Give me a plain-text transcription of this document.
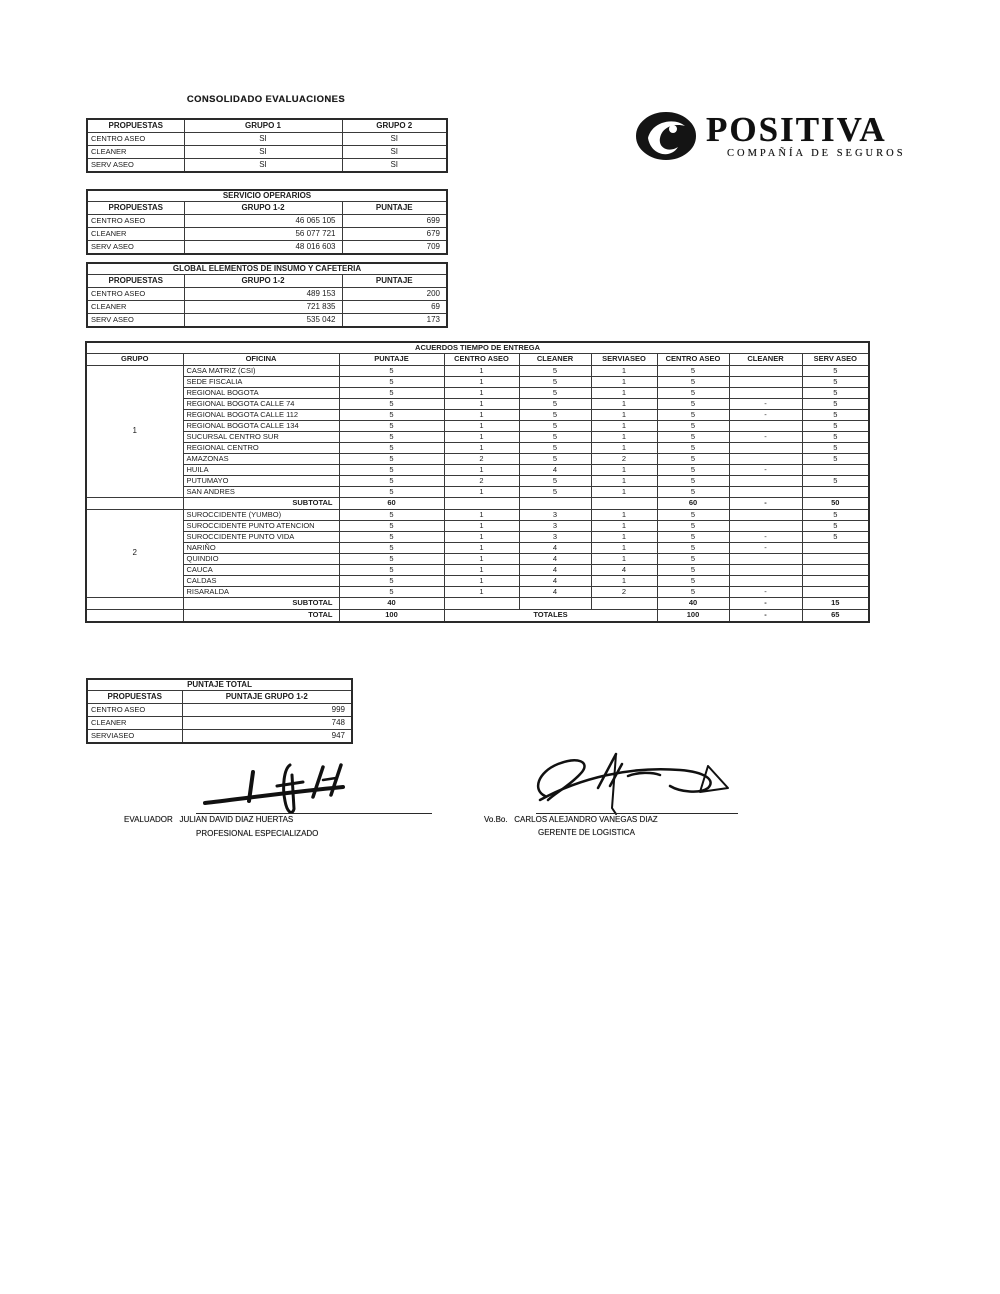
CONSOLIDADO EVALUACIONES
POSITIVA
COMPAÑÍA DE SEGUROS
PROPUESTAS	GRUPO 1	GRUPO 2
CENTRO ASEO	SI	SI
CLEANER	SI	SI
SERV ASEO	SI	SI
SERVICIO OPERARIOS		
PROPUESTAS	GRUPO 1-2	PUNTAJE
CENTRO ASEO	46 065 105	699
CLEANER	56 077 721	679
SERV ASEO	48 016 603	709
GLOBAL ELEMENTOS DE INSUMO Y CAFETERIA		
PROPUESTAS	GRUPO 1-2	PUNTAJE
CENTRO ASEO	489 153	200
CLEANER	721 835	69
SERV ASEO	535 042	173
ACUERDOS TIEMPO DE ENTREGA								
GRUPO	OFICINA	PUNTAJE	CENTRO ASEO	CLEANER	SERVIASEO	CENTRO ASEO	CLEANER	SERV ASEO
1	CASA MATRIZ (CSI)	5	1	5	1	5		5
	SEDE FISCALIA	5	1	5	1	5		5
	REGIONAL BOGOTA	5	1	5	1	5		5
	REGIONAL BOGOTA CALLE 74	5	1	5	1	5	-	5
	REGIONAL BOGOTA CALLE 112	5	1	5	1	5	-	5
	REGIONAL BOGOTA CALLE 134	5	1	5	1	5		5
	SUCURSAL CENTRO SUR	5	1	5	1	5	-	5
	REGIONAL CENTRO	5	1	5	1	5		5
	AMAZONAS	5	2	5	2	5		5
	HUILA	5	1	4	1	5	-	
	PUTUMAYO	5	2	5	1	5		5
	SAN ANDRES	5	1	5	1	5		
	SUBTOTAL	60				60	-	50
2	SUROCCIDENTE (YUMBO)	5	1	3	1	5		5
	SUROCCIDENTE PUNTO ATENCION	5	1	3	1	5		5
	SUROCCIDENTE PUNTO VIDA	5	1	3	1	5	-	5
	NARIÑO	5	1	4	1	5	-	
	QUINDIO	5	1	4	1	5		
	CAUCA	5	1	4	4	5		
	CALDAS	5	1	4	1	5		
	RISARALDA	5	1	4	2	5	-	
	SUBTOTAL	40				40	-	15
	TOTAL	100	TOTALES			100	-	65
PUNTAJE TOTAL	
PROPUESTAS	PUNTAJE GRUPO 1-2
CENTRO ASEO	999
CLEANER	748
SERVIASEO	947
EVALUADOR JULIAN DAVID DIAZ HUERTAS
PROFESIONAL ESPECIALIZADO
Vo.Bo. CARLOS ALEJANDRO VANEGAS DIAZ
GERENTE DE LOGISTICA
